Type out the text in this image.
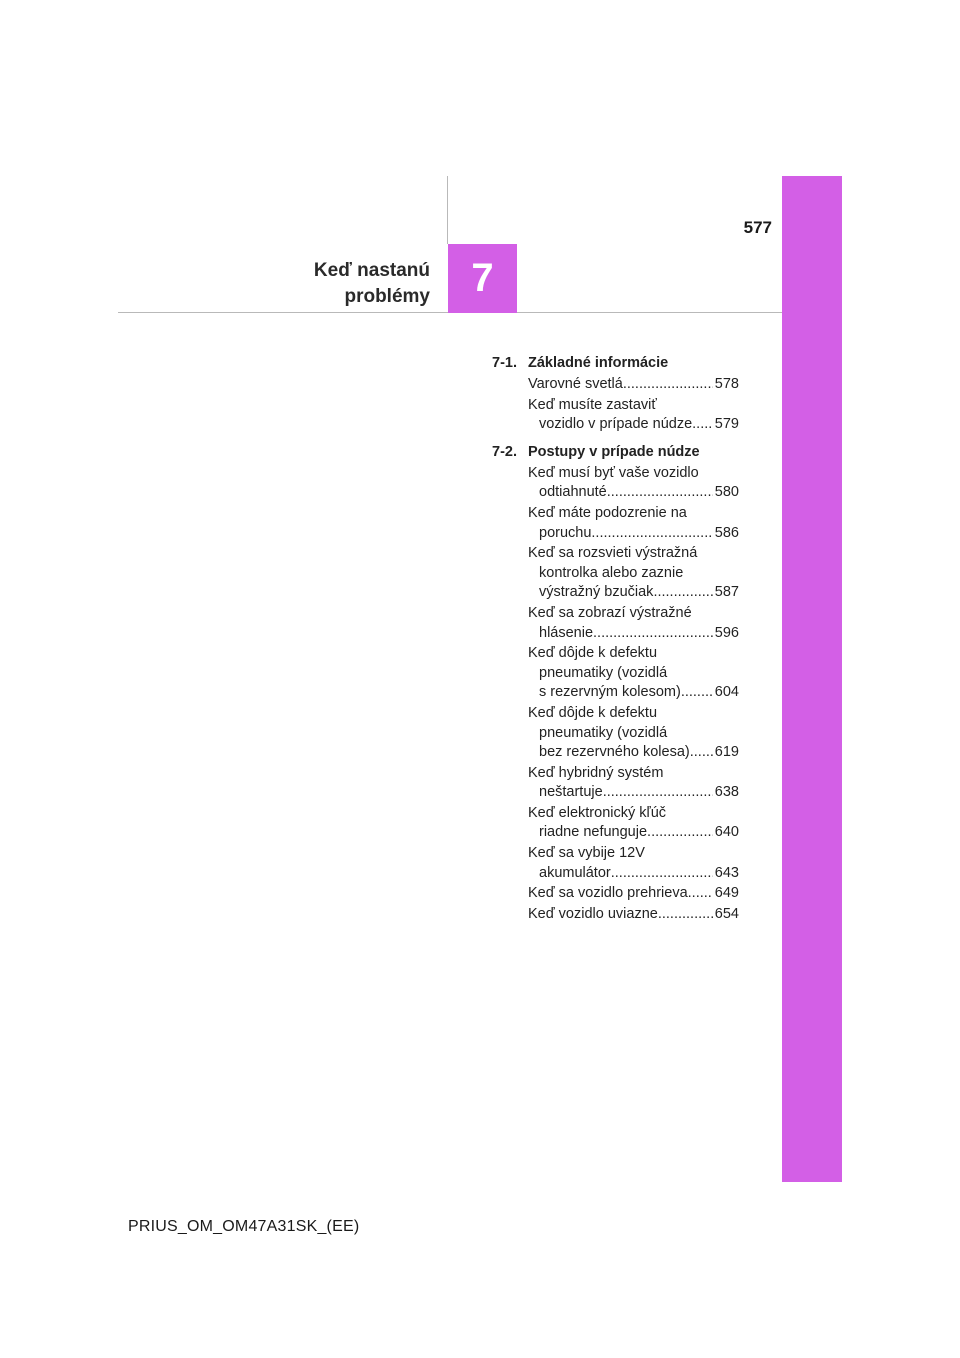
577
Keď nastanú
problémy 7
7-1. Základné informácie
Varovné svetlá .....	578
Keď musíte zastaviť
vozidlo v prípade núdze ..... 579
7-2. Postupy v prípade núdze
Keď musí byť vaše vozidlo
odtiahnuté .....	580
Keď máte podozrenie na
poruchu .....	586
Keď sa rozsvieti výstražná
kontrolka alebo zaznie
výstražný bzučiak .....	587
Keď sa zobrazí výstražné
hlásenie .....	596
Keď dôjde k defektu
pneumatiky (vozidlá
s rezervným kolesom) ..... 604
Keď dôjde k defektu
pneumatiky (vozidlá
bez rezervného kolesa) ..... 619
Keď hybridný systém
neštartuje .....	638
Keď elektronický kľúč
riadne nefunguje .....	640
Keď sa vybije 12V
akumulátor .....	643
Keď sa vozidlo prehrieva ..... 649
Keď vozidlo uviazne .....	654
PRIUS_OM_OM47A31SK_(EE)
